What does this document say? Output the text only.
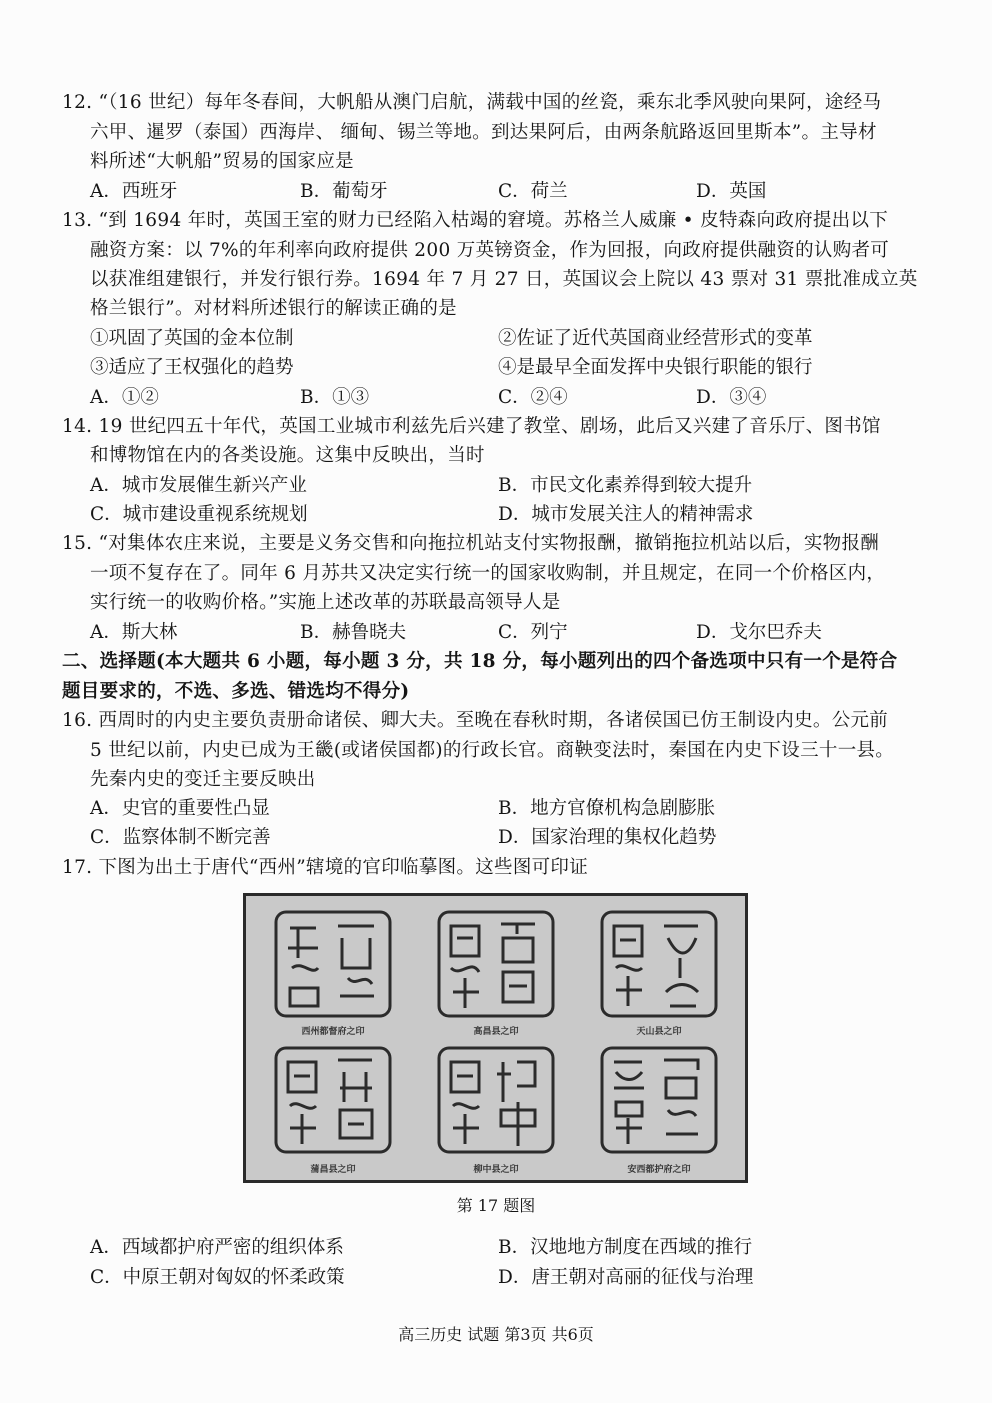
12. “（16 世纪）每年冬春间，大帆船从澳门启航，满载中国的丝瓷，乘东北季风驶向果阿，途经马
六甲、暹罗（泰国）西海岸、 缅甸、锡兰等地。到达果阿后，由两条航路返回里斯本”。主导材
料所述“大帆船”贸易的国家应是
A．西班牙	B．葡萄牙	C．荷兰	D．英国
13. “到 1694 年时，英国王室的财力已经陷入枯竭的窘境。苏格兰人威廉 • 皮特森向政府提出以下
融资方案：以 7%的年利率向政府提供 200 万英镑资金，作为回报，向政府提供融资的认购者可
以获准组建银行，并发行银行券。1694 年 7 月 27 日，英国议会上院以 43 票对 31 票批准成立英
格兰银行”。对材料所述银行的解读正确的是
①巩固了英国的金本位制	②佐证了近代英国商业经营形式的变革
③适应了王权强化的趋势	④是最早全面发挥中央银行职能的银行
A．①②	B．①③	C．②④	D．③④
14. 19 世纪四五十年代，英国工业城市利兹先后兴建了教堂、剧场，此后又兴建了音乐厅、图书馆
和博物馆在内的各类设施。这集中反映出，当时
A．城市发展催生新兴产业	B．市民文化素养得到较大提升
C．城市建设重视系统规划	D．城市发展关注人的精神需求
15. “对集体农庄来说，主要是义务交售和向拖拉机站支付实物报酬，撤销拖拉机站以后，实物报酬
一项不复存在了。同年 6 月苏共又决定实行统一的国家收购制，并且规定，在同一个价格区内，
实行统一的收购价格。”实施上述改革的苏联最高领导人是
A．斯大林	B．赫鲁晓夫	C．列宁	D．戈尔巴乔夫
二、选择题(本大题共 6 小题，每小题 3 分，共 18 分，每小题列出的四个备选项中只有一个是符合
题目要求的，不选、多选、错选均不得分)
16. 西周时的内史主要负责册命诸侯、卿大夫。至晚在春秋时期，各诸侯国已仿王制设内史。公元前
5 世纪以前，内史已成为王畿(或诸侯国都)的行政长官。商鞅变法时，秦国在内史下设三十一县。
先秦内史的变迁主要反映出
A．史官的重要性凸显	B．地方官僚机构急剧膨胀
C．监察体制不断完善	D．国家治理的集权化趋势
17. 下图为出土于唐代“西州”辖境的官印临摹图。这些图可印证
西州都督府之印	高昌县之印	天山县之印
蒲昌县之印	柳中县之印	安西都护府之印
第 17 题图
A．西域都护府严密的组织体系	B．汉地地方制度在西域的推行
C．中原王朝对匈奴的怀柔政策	D．唐王朝对高丽的征伐与治理
高三历史 试题 第3页 共6页
